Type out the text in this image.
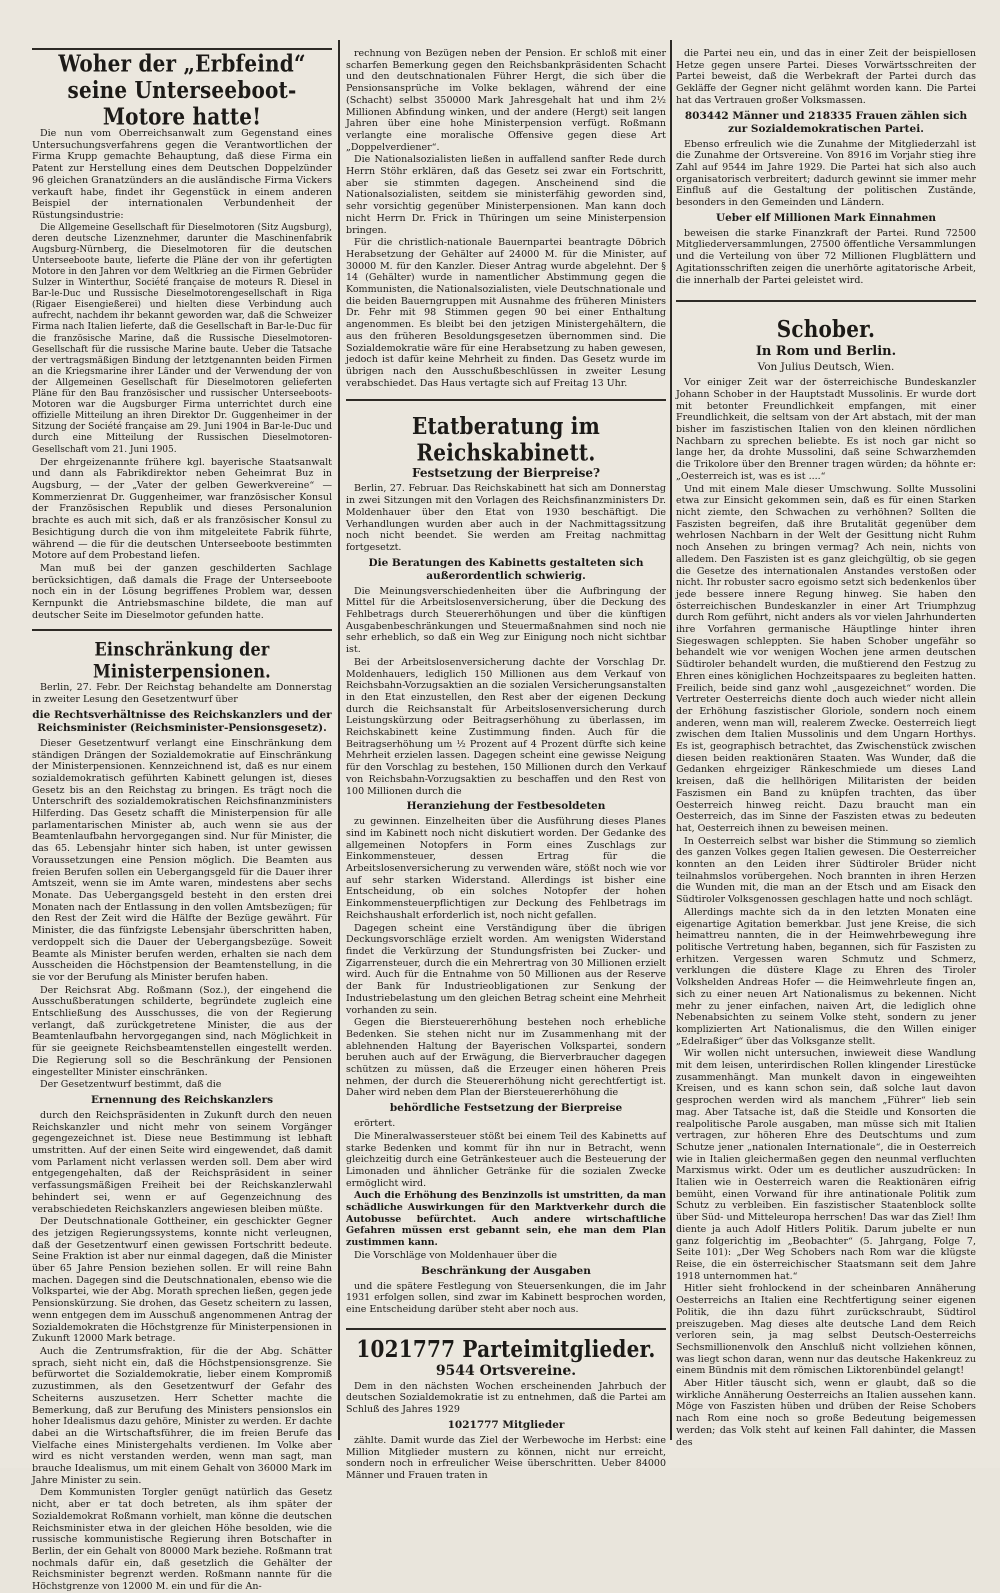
Woher der „Erbfeind“ seine Unterseeboot-Motore hatte!

Die nun vom Oberreichsanwalt zum Gegenstand eines Untersuchungsverfahrens gegen die Verantwortlichen der Firma Krupp gemachte Behauptung, daß diese Firma ein Patent zur Herstellung eines dem Deutschen Doppelzünder 96 gleichen Granatzünders an die ausländische Firma Vickers verkauft habe, findet ihr Gegenstück in einem anderen Beispiel der internationalen Verbundenheit der Rüstungsindustrie:

Die Allgemeine Gesellschaft für Dieselmotoren (Sitz Augsburg), deren deutsche Lizenznehmer, darunter die Maschinenfabrik Augsburg-Nürnberg, die Dieselmotoren für die deutschen Unterseeboote baute, lieferte die Pläne der von ihr gefertigten Motore in den Jahren vor dem Weltkrieg an die Firmen Gebrüder Sulzer in Winterthur, Société française de moteurs R. Diesel in Bar-le-Duc und Russische Dieselmotorengesellschaft in Riga (Rigaer Eisengießerei) und hielten diese Verbindung auch aufrecht, nachdem ihr bekannt geworden war, daß die Schweizer Firma nach Italien lieferte, daß die Gesellschaft in Bar-le-Duc für die französische Marine, daß die Russische Dieselmotoren-Gesellschaft für die russische Marine baute. Ueber die Tatsache der vertragsmäßigen Bindung der letztgenannten beiden Firmen an die Kriegsmarine ihrer Länder und der Verwendung der von der Allgemeinen Gesellschaft für Dieselmotoren gelieferten Pläne für den Bau französischer und russischer Unterseeboots-Motoren war die Augsburger Firma unterrichtet durch eine offizielle Mitteilung an ihren Direktor Dr. Guggenheimer in der Sitzung der Société française am 29. Juni 1904 in Bar-le-Duc und durch eine Mitteilung der Russischen Dieselmotoren-Gesellschaft vom 21. Juni 1905.

Der ehrgeizenannte frühere kgl. bayerische Staatsanwalt und dann als Fabrikdirektor neben Geheimrat Buz in Augsburg, — der „Vater der gelben Gewerkvereine“ — Kommerzienrat Dr. Guggenheimer, war französischer Konsul der Französischen Republik und dieses Personalunion brachte es auch mit sich, daß er als französischer Konsul zu Besichtigung durch die von ihm mitgeleitete Fabrik führte, während — die für die deutschen Unterseeboote bestimmten Motore auf dem Probestand liefen.

Man muß bei der ganzen geschilderten Sachlage berücksichtigen, daß damals die Frage der Unterseeboote noch ein in der Lösung begriffenes Problem war, dessen Kernpunkt die Antriebsmaschine bildete, die man auf deutscher Seite im Dieselmotor gefunden hatte.

Einschränkung der Ministerpensionen.

Berlin, 27. Febr. Der Reichstag behandelte am Donnerstag in zweiter Lesung den Gesetzentwurf über

die Rechtsverhältnisse des Reichskanzlers und der Reichsminister (Reichsminister-Pensionsgesetz).

Dieser Gesetzentwurf verlangt eine Einschränkung dem ständigen Drängen der Sozialdemokratie auf Einschränkung der Ministerpensionen. Kennzeichnend ist, daß es nur einem sozialdemokratisch geführten Kabinett gelungen ist, dieses Gesetz bis an den Reichstag zu bringen. Es trägt noch die Unterschrift des sozialdemokratischen Reichsfinanzministers Hilferding. Das Gesetz schafft die Ministerpension für alle parlamentarischen Minister ab, auch wenn sie aus der Beamtenlaufbahn hervorgegangen sind. Nur für Minister, die das 65. Lebensjahr hinter sich haben, ist unter gewissen Voraussetzungen eine Pension möglich. Die Beamten aus freien Berufen sollen ein Uebergangsgeld für die Dauer ihrer Amtszeit, wenn sie im Amte waren, mindestens aber sechs Monate. Das Uebergangsgeld besteht in den ersten drei Monaten nach der Entlassung in den vollen Amtsbezügen; für den Rest der Zeit wird die Hälfte der Bezüge gewährt. Für Minister, die das fünfzigste Lebensjahr überschritten haben, verdoppelt sich die Dauer der Uebergangsbezüge. Soweit Beamte als Minister berufen werden, erhalten sie nach dem Ausscheiden die Höchstpension der Beamtenstellung, in die sie vor der Berufung als Minister berufen haben.

Der Reichsrat Abg. Roßmann (Soz.), der eingehend die Ausschußberatungen schilderte, begründete zugleich eine Entschließung des Ausschusses, die von der Regierung verlangt, daß zurückgetretene Minister, die aus der Beamtenlaufbahn hervorgegangen sind, nach Möglichkeit in für sie geeignete Reichsbeamtenstellen eingestellt werden. Die Regierung soll so die Beschränkung der Pensionen eingestellter Minister einschränken.

Der Gesetzentwurf bestimmt, daß die

Ernennung des Reichskanzlers

durch den Reichspräsidenten in Zukunft durch den neuen Reichskanzler und nicht mehr von seinem Vorgänger gegengezeichnet ist. Diese neue Bestimmung ist lebhaft umstritten. Auf der einen Seite wird eingewendet, daß damit vom Parlament nicht verlassen werden soll. Dem aber wird entgegengehalten, daß der Reichspräsident in seiner verfassungsmäßigen Freiheit bei der Reichskanzlerwahl behindert sei, wenn er auf Gegenzeichnung des verabschiedeten Reichskanzlers angewiesen bleiben müßte.

Der Deutschnationale Gottheiner, ein geschickter Gegner des jetzigen Regierungssystems, konnte nicht verleugnen, daß der Gesetzentwurf einen gewissen Fortschritt bedeute. Seine Fraktion ist aber nur einmal dagegen, daß die Minister über 65 Jahre Pension beziehen sollen. Er will reine Bahn machen. Dagegen sind die Deutschnationalen, ebenso wie die Volkspartei, wie der Abg. Morath sprechen ließen, gegen jede Pensionskürzung. Sie drohen, das Gesetz scheitern zu lassen, wenn entgegen dem im Ausschuß angenommenen Antrag der Sozialdemokraten die Höchstgrenze für Ministerpensionen in Zukunft 12000 Mark betrage.

Auch die Zentrumsfraktion, für die der Abg. Schätter sprach, sieht nicht ein, daß die Höchstpensionsgrenze. Sie befürwortet die Sozialdemokratie, lieber einem Kompromiß zuzustimmen, als den Gesetzentwurf der Gefahr des Scheiterns auszusetzen. Herr Schetter machte die Bemerkung, daß zur Berufung des Ministers pensionslos ein hoher Idealismus dazu gehöre, Minister zu werden. Er dachte dabei an die Wirtschaftsführer, die im freien Berufe das Vielfache eines Ministergehalts verdienen. Im Volke aber wird es nicht verstanden werden, wenn man sagt, man brauche Idealismus, um mit einem Gehalt von 36000 Mark im Jahre Minister zu sein.

Dem Kommunisten Torgler genügt natürlich das Gesetz nicht, aber er tat doch betreten, als ihm später der Sozialdemokrat Roßmann vorhielt, man könne die deutschen Reichsminister etwa in der gleichen Höhe besolden, wie die russische kommunistische Regierung ihren Botschafter in Berlin, der ein Gehalt von 80000 Mark beziehe. Roßmann trat nochmals dafür ein, daß gesetzlich die Gehälter der Reichsminister begrenzt werden. Roßmann nannte für die Höchstgrenze von 12000 M. ein und für die An-

rechnung von Bezügen neben der Pension. Er schloß mit einer scharfen Bemerkung gegen den Reichsbankpräsidenten Schacht und den deutschnationalen Führer Hergt, die sich über die Pensionsansprüche im Volke beklagen, während der eine (Schacht) selbst 350000 Mark Jahresgehalt hat und ihm 2½ Millionen Abfindung winken, und der andere (Hergt) seit langen Jahren über eine hohe Ministerpension verfügt. Roßmann verlangte eine moralische Offensive gegen diese Art „Doppelverdiener“.

Die Nationalsozialisten ließen in auffallend sanfter Rede durch Herrn Stöhr erklären, daß das Gesetz sei zwar ein Fortschritt, aber sie stimmten dagegen. Anscheinend sind die Nationalsozialisten, seitdem sie ministerfähig geworden sind, sehr vorsichtig gegenüber Ministerpensionen. Man kann doch nicht Herrn Dr. Frick in Thüringen um seine Ministerpension bringen.

Für die christlich-nationale Bauernpartei beantragte Döbrich Herabsetzung der Gehälter auf 24000 M. für die Minister, auf 30000 M. für den Kanzler. Dieser Antrag wurde abgelehnt. Der § 14 (Gehälter) wurde in namentlicher Abstimmung gegen die Kommunisten, die Nationalsozialisten, viele Deutschnationale und die beiden Bauerngruppen mit Ausnahme des früheren Ministers Dr. Fehr mit 98 Stimmen gegen 90 bei einer Enthaltung angenommen. Es bleibt bei den jetzigen Ministergehältern, die aus den früheren Besoldungsgesetzen übernommen sind. Die Sozialdemokratie wäre für eine Herabsetzung zu haben gewesen, jedoch ist dafür keine Mehrheit zu finden. Das Gesetz wurde im übrigen nach den Ausschußbeschlüssen in zweiter Lesung verabschiedet. Das Haus vertagte sich auf Freitag 13 Uhr.

Etatberatung im Reichskabinett.
Festsetzung der Bierpreise?

Berlin, 27. Februar. Das Reichskabinett hat sich am Donnerstag in zwei Sitzungen mit den Vorlagen des Reichsfinanzministers Dr. Moldenhauer über den Etat von 1930 beschäftigt. Die Verhandlungen wurden aber auch in der Nachmittagssitzung noch nicht beendet. Sie werden am Freitag nachmittag fortgesetzt.

Die Beratungen des Kabinetts gestalteten sich außerordentlich schwierig.

Die Meinungsverschiedenheiten über die Aufbringung der Mittel für die Arbeitslosenversicherung, über die Deckung des Fehlbetrags durch Steuererhöhungen und über die künftigen Ausgabenbeschränkungen und Steuermaßnahmen sind noch nie sehr erheblich, so daß ein Weg zur Einigung noch nicht sichtbar ist.

Bei der Arbeitslosenversicherung dachte der Vorschlag Dr. Moldenhauers, lediglich 150 Millionen aus dem Verkauf von Reichsbahn-Vorzugsaktien an die sozialen Versicherungsanstalten in den Etat einzustellen, den Rest aber der eigenen Deckung durch die Reichsanstalt für Arbeitslosenversicherung durch Leistungskürzung oder Beitragserhöhung zu überlassen, im Reichskabinett keine Zustimmung finden. Auch für die Beitragserhöhung um ½ Prozent auf 4 Prozent dürfte sich keine Mehrheit erzielen lassen. Dagegen scheint eine gewisse Neigung für den Vorschlag zu bestehen, 150 Millionen durch den Verkauf von Reichsbahn-Vorzugsaktien zu beschaffen und den Rest von 100 Millionen durch die

Heranziehung der Festbesoldeten

zu gewinnen. Einzelheiten über die Ausführung dieses Planes sind im Kabinett noch nicht diskutiert worden. Der Gedanke des allgemeinen Notopfers in Form eines Zuschlags zur Einkommensteuer, dessen Ertrag für die Arbeitslosenversicherung zu verwenden wäre, stößt noch wie vor auf sehr starken Widerstand. Allerdings ist bisher eine Entscheidung, ob ein solches Notopfer der hohen Einkommensteuerpflichtigen zur Deckung des Fehlbetrags im Reichshaushalt erforderlich ist, noch nicht gefallen.

Dagegen scheint eine Verständigung über die übrigen Deckungsvorschläge erzielt worden. Am wenigsten Widerstand findet die Verkürzung der Stundungsfristen bei Zucker- und Zigarrensteuer, durch die ein Mehrertrag von 30 Millionen erzielt wird. Auch für die Entnahme von 50 Millionen aus der Reserve der Bank für Industrieobligationen zur Senkung der Industriebelastung um den gleichen Betrag scheint eine Mehrheit vorhanden zu sein.

Gegen die Biersteuererhöhung bestehen noch erhebliche Bedenken. Sie stehen nicht nur im Zusammenhang mit der ablehnenden Haltung der Bayerischen Volkspartei, sondern beruhen auch auf der Erwägung, die Bierverbraucher dagegen schützen zu müssen, daß die Erzeuger einen höheren Preis nehmen, der durch die Steuererhöhung nicht gerechtfertigt ist. Daher wird neben dem Plan der Biersteuererhöhung die

behördliche Festsetzung der Bierpreise

erörtert.

Die Mineralwassersteuer stößt bei einem Teil des Kabinetts auf starke Bedenken und kommt für ihn nur in Betracht, wenn gleichzeitig durch eine Getränkesteuer auch die Besteuerung der Limonaden und ähnlicher Getränke für die sozialen Zwecke ermöglicht wird.

Auch die Erhöhung des Benzinzolls ist umstritten, da man schädliche Auswirkungen für den Marktverkehr durch die Autobusse befürchtet. Auch andere wirtschaftliche Gefahren müssen erst gebannt sein, ehe man dem Plan zustimmen kann.

Die Vorschläge von Moldenhauer über die

Beschränkung der Ausgaben

und die spätere Festlegung von Steuersenkungen, die im Jahr 1931 erfolgen sollen, sind zwar im Kabinett besprochen worden, eine Entscheidung darüber steht aber noch aus.

1021777 Parteimitglieder.
9544 Ortsvereine.

Dem in den nächsten Wochen erscheinenden Jahrbuch der deutschen Sozialdemokratie ist zu entnehmen, daß die Partei am Schluß des Jahres 1929

1021777 Mitglieder

zählte. Damit wurde das Ziel der Werbewoche im Herbst: eine Million Mitglieder mustern zu können, nicht nur erreicht, sondern noch in erfreulicher Weise überschritten. Ueber 84000 Männer und Frauen traten in

die Partei neu ein, und das in einer Zeit der beispiellosen Hetze gegen unsere Partei. Dieses Vorwärtsschreiten der Partei beweist, daß die Werbekraft der Partei durch das Gekläffe der Gegner nicht gelähmt worden kann. Die Partei hat das Vertrauen großer Volksmassen.

803442 Männer und 218335 Frauen zählen sich zur Sozialdemokratischen Partei.

Ebenso erfreulich wie die Zunahme der Mitgliederzahl ist die Zunahme der Ortsvereine. Von 8916 im Vorjahr stieg ihre Zahl auf 9544 im Jahre 1929. Die Partei hat sich also auch organisatorisch verbreitert; dadurch gewinnt sie immer mehr Einfluß auf die Gestaltung der politischen Zustände, besonders in den Gemeinden und Ländern.

Ueber elf Millionen Mark Einnahmen

beweisen die starke Finanzkraft der Partei. Rund 72500 Mitgliederversammlungen, 27500 öffentliche Versammlungen und die Verteilung von über 72 Millionen Flugblättern und Agitationsschriften zeigen die unerhörte agitatorische Arbeit, die innerhalb der Partei geleistet wird.

Schober.
In Rom und Berlin.
Von Julius Deutsch, Wien.

Vor einiger Zeit war der österreichische Bundeskanzler Johann Schober in der Hauptstadt Mussolinis. Er wurde dort mit betonter Freundlichkeit empfangen, mit einer Freundlichkeit, die seltsam von der Art abstach, mit der man bisher im faszistischen Italien von den kleinen nördlichen Nachbarn zu sprechen beliebte. Es ist noch gar nicht so lange her, da drohte Mussolini, daß seine Schwarzhemden die Trikolore über den Brenner tragen würden; da höhnte er: „Oesterreich ist, was es ist ....“

Und mit einem Male dieser Umschwung. Sollte Mussolini etwa zur Einsicht gekommen sein, daß es für einen Starken nicht ziemte, den Schwachen zu verhöhnen? Sollten die Faszisten begreifen, daß ihre Brutalität gegenüber dem wehrlosen Nachbarn in der Welt der Gesittung nicht Ruhm noch Ansehen zu bringen vermag? Ach nein, nichts von alledem. Den Faszisten ist es ganz gleichgültig, ob sie gegen die Gesetze des internationalen Anstandes verstoßen oder nicht. Ihr robuster sacro egoismo setzt sich bedenkenlos über jede bessere innere Regung hinweg. Sie haben den österreichischen Bundeskanzler in einer Art Triumphzug durch Rom geführt, nicht anders als vor vielen Jahrhunderten ihre Vorfahren germanische Häuptlinge hinter ihren Siegeswagen schleppten. Sie haben Schober ungefähr so behandelt wie vor wenigen Wochen jene armen deutschen Südtiroler behandelt wurden, die mußtierend den Festzug zu Ehren eines königlichen Hochzeitspaares zu begleiten hatten. Freilich, beide sind ganz wohl „ausgezeichnet“ worden. Die Vertreter Oesterreichs diente doch auch wieder nicht allein der Erhöhung faszistischer Gloriole, sondern noch einem anderen, wenn man will, realerem Zwecke. Oesterreich liegt zwischen dem Italien Mussolinis und dem Ungarn Horthys. Es ist, geographisch betrachtet, das Zwischenstück zwischen diesen beiden reaktionären Staaten. Was Wunder, daß die Gedanken ehrgeiziger Ränkeschmiede um dieses Land kreisen, daß die hellhörigen Militaristen der beiden Faszismen ein Band zu knüpfen trachten, das über Oesterreich hinweg reicht. Dazu braucht man ein Oesterreich, das im Sinne der Faszisten etwas zu bedeuten hat, Oesterreich ihnen zu beweisen meinen.

In Oesterreich selbst war bisher die Stimmung so ziemlich des ganzen Volkes gegen Italien gewesen. Die Oesterreicher konnten an den Leiden ihrer Südtiroler Brüder nicht teilnahmslos vorübergehen. Noch brannten in ihren Herzen die Wunden mit, die man an der Etsch und am Eisack den Südtiroler Volksgenossen geschlagen hatte und noch schlägt.

Allerdings machte sich da in den letzten Monaten eine eigenartige Agitation bemerkbar. Just jene Kreise, die sich heimattreu nannten, die in der Heimwehrbewegung ihre politische Vertretung haben, begannen, sich für Faszisten zu erhitzen. Vergessen waren Schmutz und Schmerz, verklungen die düstere Klage zu Ehren des Tiroler Volkshelden Andreas Hofer — die Heimwehrleute fingen an, sich zu einer neuen Art Nationalismus zu bekennen. Nicht mehr zu jener einfachen, naiven Art, die lediglich ohne Nebenabsichten zu seinem Volke steht, sondern zu jener komplizierten Art Nationalismus, die den Willen einiger „Edelraßiger“ über das Volksganze stellt.

Wir wollen nicht untersuchen, inwieweit diese Wandlung mit dem leisen, unterirdischen Rollen klingender Lirestücke zusammenhängt. Man munkelt davon in eingeweihten Kreisen, und es kann schon sein, daß solche laut davon gesprochen werden wird als manchem „Führer“ lieb sein mag. Aber Tatsache ist, daß die Steidle und Konsorten die realpolitische Parole ausgaben, man müsse sich mit Italien vertragen, zur höheren Ehre des Deutschtums und zum Schutze jener „nationalen Internationale“, die in Oesterreich wie in Italien gleichermaßen gegen den neunmal verfluchten Marxismus wirkt. Oder um es deutlicher auszudrücken: In Italien wie in Oesterreich waren die Reaktionären eifrig bemüht, einen Vorwand für ihre antinationale Politik zum Schutz zu verbleiben. Ein faszistischer Staatenblock sollte über Süd- und Mitteleuropa herrschen! Das war das Ziel! Ihm diente ja auch Adolf Hitlers Politik. Darum jubelte er nun ganz folgerichtig im „Beobachter“ (5. Jahrgang, Folge 7, Seite 101): „Der Weg Schobers nach Rom war die klügste Reise, die ein österreichischer Staatsmann seit dem Jahre 1918 unternommen hat.“

Hitler sieht frohlockend in der scheinbaren Annäherung Oesterreichs an Italien eine Rechtfertigung seiner eigenen Politik, die ihn dazu führt zurückschraubt, Südtirol preiszugeben. Mag dieses alte deutsche Land dem Reich verloren sein, ja mag selbst Deutsch-Oesterreichs Sechsmillionenvolk den Anschluß nicht vollziehen können, was liegt schon daran, wenn nur das deutsche Hakenkreuz zu einem Bündnis mit dem römischen Liktorenbündel gelangt!

Aber Hitler täuscht sich, wenn er glaubt, daß so die wirkliche Annäherung Oesterreichs an Italien aussehen kann. Möge von Faszisten hüben und drüben der Reise Schobers nach Rom eine noch so große Bedeutung beigemessen werden; das Volk steht auf keinen Fall dahinter, die Massen des
